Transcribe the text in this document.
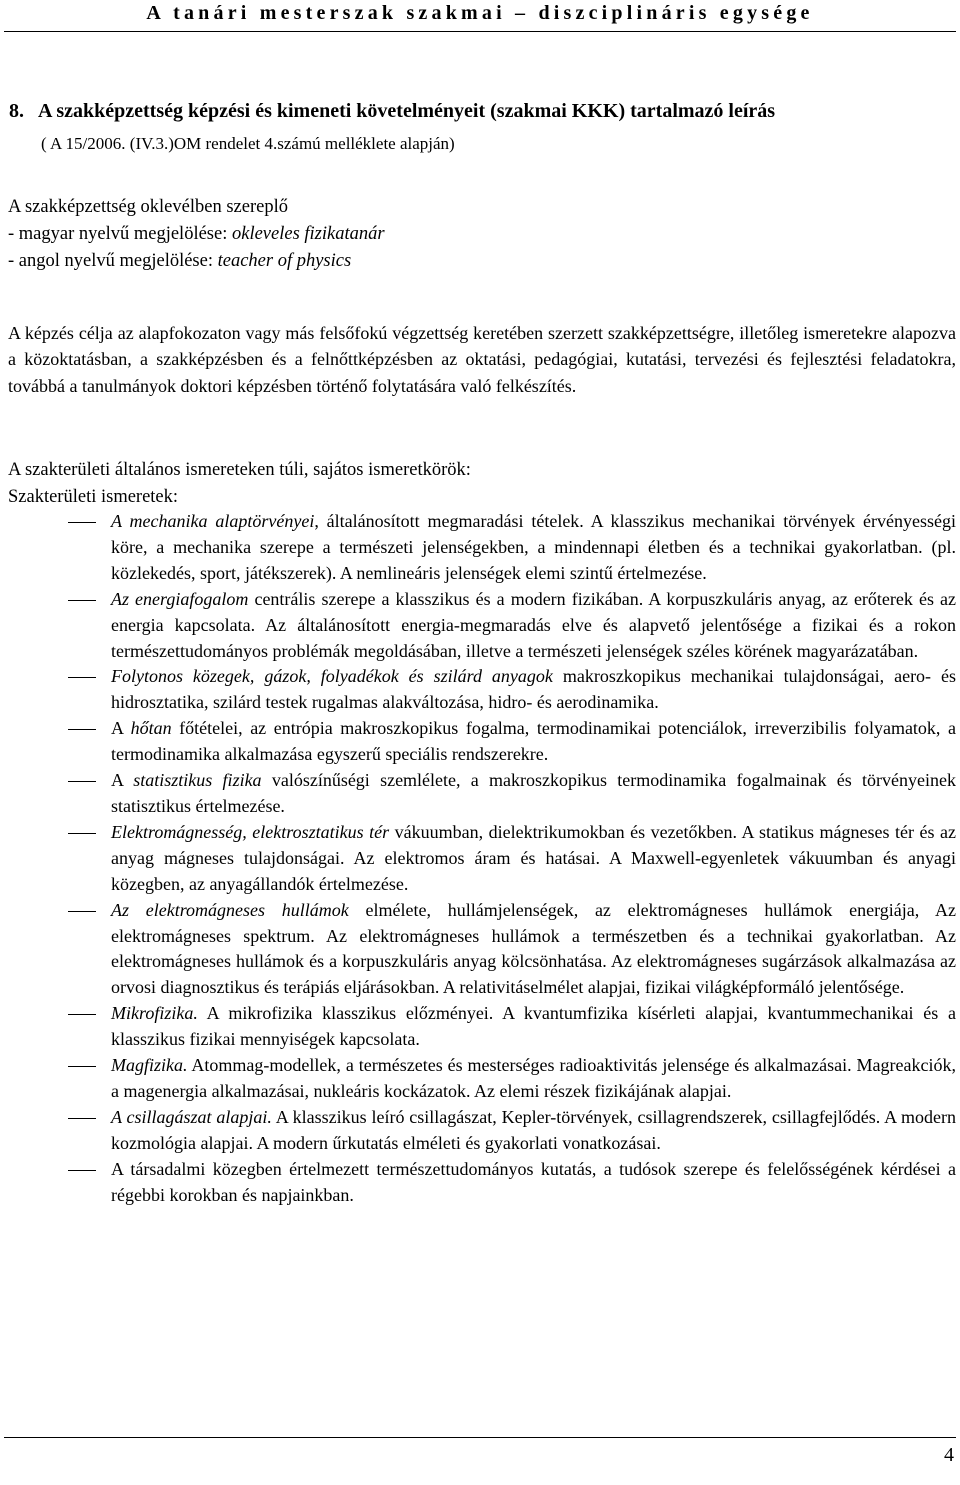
A tanári mesterszak szakmai – diszciplináris egysége
8. A szakképzettség képzési és kimeneti követelményeit (szakmai KKK) tartalmazó leírás
( A 15/2006. (IV.3.)OM rendelet 4.számú melléklete alapján)
A szakképzettség oklevélben szereplő
- magyar nyelvű megjelölése: okleveles fizikatanár
- angol nyelvű megjelölése: teacher of physics
A képzés célja az alapfokozaton vagy más felsőfokú végzettség keretében szerzett szakképzettségre, illetőleg ismeretekre alapozva a közoktatásban, a szakképzésben és a felnőttképzésben az oktatási, pedagógiai, kutatási, tervezési és fejlesztési feladatokra, továbbá a tanulmányok doktori képzésben történő folytatására való felkészítés.
A szakterületi általános ismereteken túli, sajátos ismeretkörök:
Szakterületi ismeretek:
A mechanika alaptörvényei, általánosított megmaradási tételek. A klasszikus mechanikai törvények érvényességi köre, a mechanika szerepe a természeti jelenségekben, a mindennapi életben és a technikai gyakorlatban. (pl. közlekedés, sport, játékszerek). A nemlineáris jelenségek elemi szintű értelmezése.
Az energiafogalom centrális szerepe a klasszikus és a modern fizikában. A korpuszkuláris anyag, az erőterek és az energia kapcsolata. Az általánosított energia-megmaradás elve és alapvető jelentősége a fizikai és a rokon természettudományos problémák megoldásában, illetve a természeti jelenségek széles körének magyarázatában.
Folytonos közegek, gázok, folyadékok és szilárd anyagok makroszkopikus mechanikai tulajdonságai, aero- és hidrosztatika, szilárd testek rugalmas alakváltozása, hidro- és aerodinamika.
A hőtan főtételei, az entrópia makroszkopikus fogalma, termodinamikai potenciálok, irreverzibilis folyamatok, a termodinamika alkalmazása egyszerű speciális rendszerekre.
A statisztikus fizika valószínűségi szemlélete, a makroszkopikus termodinamika fogalmainak és törvényeinek statisztikus értelmezése.
Elektromágnesség, elektrosztatikus tér vákuumban, dielektrikumokban és vezetőkben. A statikus mágneses tér és az anyag mágneses tulajdonságai. Az elektromos áram és hatásai. A Maxwell-egyenletek vákuumban és anyagi közegben, az anyagállandók értelmezése.
Az elektromágneses hullámok elmélete, hullámjelenségek, az elektromágneses hullámok energiája, Az elektromágneses spektrum. Az elektromágneses hullámok a természetben és a technikai gyakorlatban. Az elektromágneses hullámok és a korpuszkuláris anyag kölcsönhatása. Az elektromágneses sugárzások alkalmazása az orvosi diagnosztikus és terápiás eljárásokban. A relativitáselmélet alapjai, fizikai világképformáló jelentősége.
Mikrofizika. A mikrofizika klasszikus előzményei. A kvantumfizika kísérleti alapjai, kvantummechanikai és a klasszikus fizikai mennyiségek kapcsolata.
Magfizika. Atommag-modellek, a természetes és mesterséges radioaktivitás jelensége és alkalmazásai. Magreakciók, a magenergia alkalmazásai, nukleáris kockázatok. Az elemi részek fizikájának alapjai.
A csillagászat alapjai. A klasszikus leíró csillagászat, Kepler-törvények, csillagrendszerek, csillagfejlődés. A modern kozmológia alapjai. A modern űrkutatás elméleti és gyakorlati vonatkozásai.
A társadalmi közegben értelmezett természettudományos kutatás, a tudósok szerepe és felelősségének kérdései a régebbi korokban és napjainkban.
4
